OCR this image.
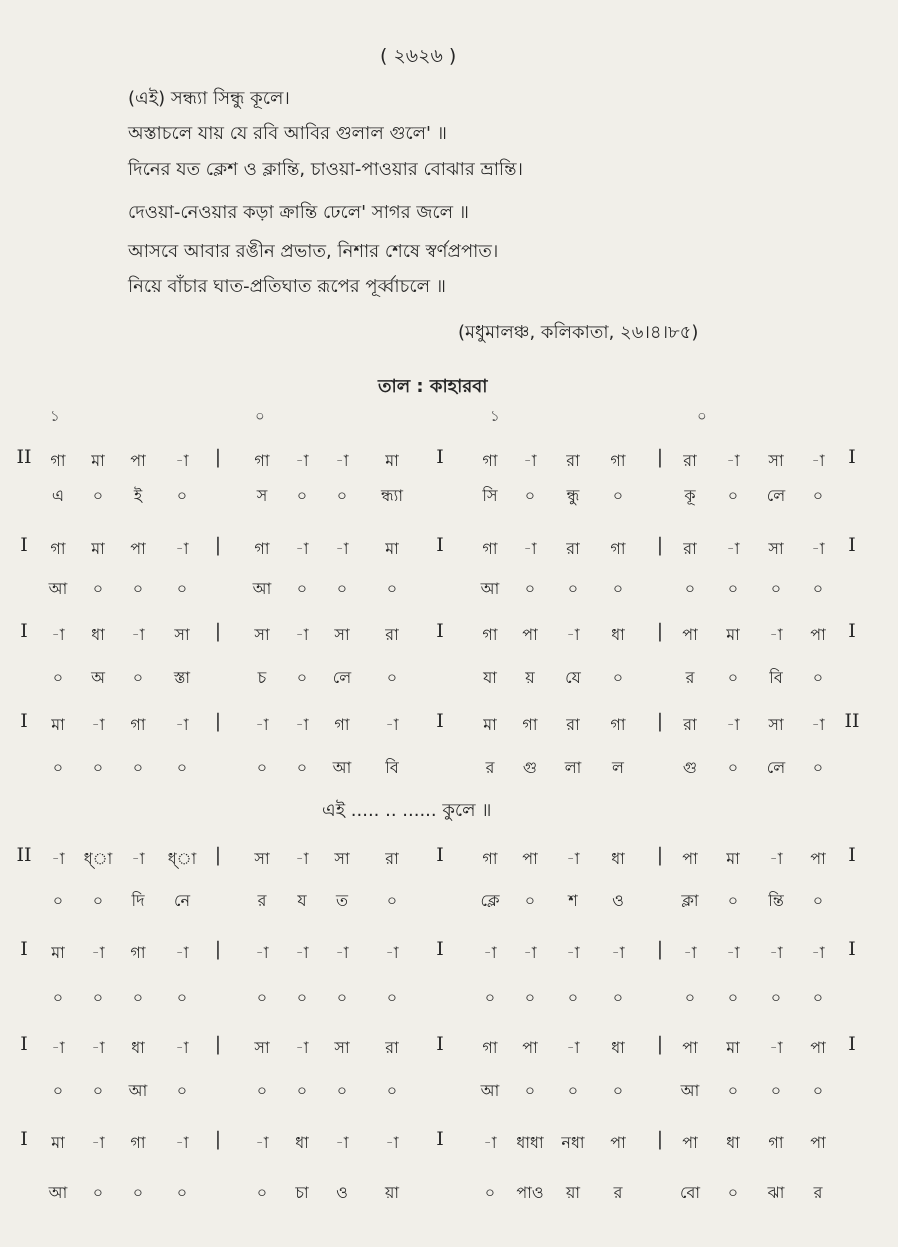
( ২৬২৬ )
(এই) সন্ধ্যা সিন্ধু কূলে।
অস্তাচলে যায় যে রবি আবির গুলাল গুলে' ॥
দিনের যত ক্লেশ ও ক্লান্তি, চাওয়া-পাওয়ার বোঝার ভ্রান্তি।
দেওয়া-নেওয়ার কড়া ক্রান্তি ঢেলে' সাগর জলে ॥
আসবে আবার রঙীন প্রভাত, নিশার শেষে স্বর্ণপ্রপাত।
নিয়ে বাঁচার ঘাত-প্রতিঘাত রূপের পূর্ব্বাচলে ॥
(মধুমালঞ্চ, কলিকাতা, ২৬।৪।৮৫)
তাল : কাহারবা
১	০	১	০
II	|	I	|	I
গা	মা	পা	-া	গা	-া	-া	মা	গা	-া	রা	গা	রা	-া	সা	-া
এ	০	ই	০	স	০	০	ন্ধ্যা	সি	০	ন্ধু	০	কূ	০	লে	০
I	|	I	|	I
গা	মা	পা	-া	গা	-া	-া	মা	গা	-া	রা	গা	রা	-া	সা	-া
আ	০	০	০	আ	০	০	০	আ	০	০	০	০	০	০	০
I	|	I	|	I
-া	ধা	-া	সা	সা	-া	সা	রা	গা	পা	-া	ধা	পা	মা	-া	পা
০	অ	০	স্তা	চ	০	লে	০	যা	য়	যে	০	র	০	বি	০
I	|	I	|	II
মা	-া	গা	-া	-া	-া	গা	-া	মা	গা	রা	গা	রা	-া	সা	-া
০	০	০	০	০	০	আ	বি	র	গু	লা	ল	গু	০	লে	০
II	|	I	|	I
-া	ধ্া	-া	ধ্া	সা	-া	সা	রা	গা	পা	-া	ধা	পা	মা	-া	পা
০	০	দি	নে	র	য	ত	০	ক্লে	০	শ	ও	ক্লা	০	ন্তি	০
I	|	I	|	I
মা	-া	গা	-া	-া	-া	-া	-া	-া	-া	-া	-া	-া	-া	-া	-া
০	০	০	০	০	০	০	০	০	০	০	০	০	০	০	০
I	|	I	|	I
-া	-া	ধা	-া	সা	-া	সা	রা	গা	পা	-া	ধা	পা	মা	-া	পা
০	০	আ	০	০	০	০	০	আ	০	০	০	আ	০	০	০
I	|	I	|
মা	-া	গা	-া	-া	ধা	-া	-া	-া	ধাধা	নধা	পা	পা	ধা	গা	পা
আ	০	০	০	০	চা	ও	য়া	০	পাও	য়া	র	বো	০	ঝা	র
এই ..... .. ...... কুলে ॥
